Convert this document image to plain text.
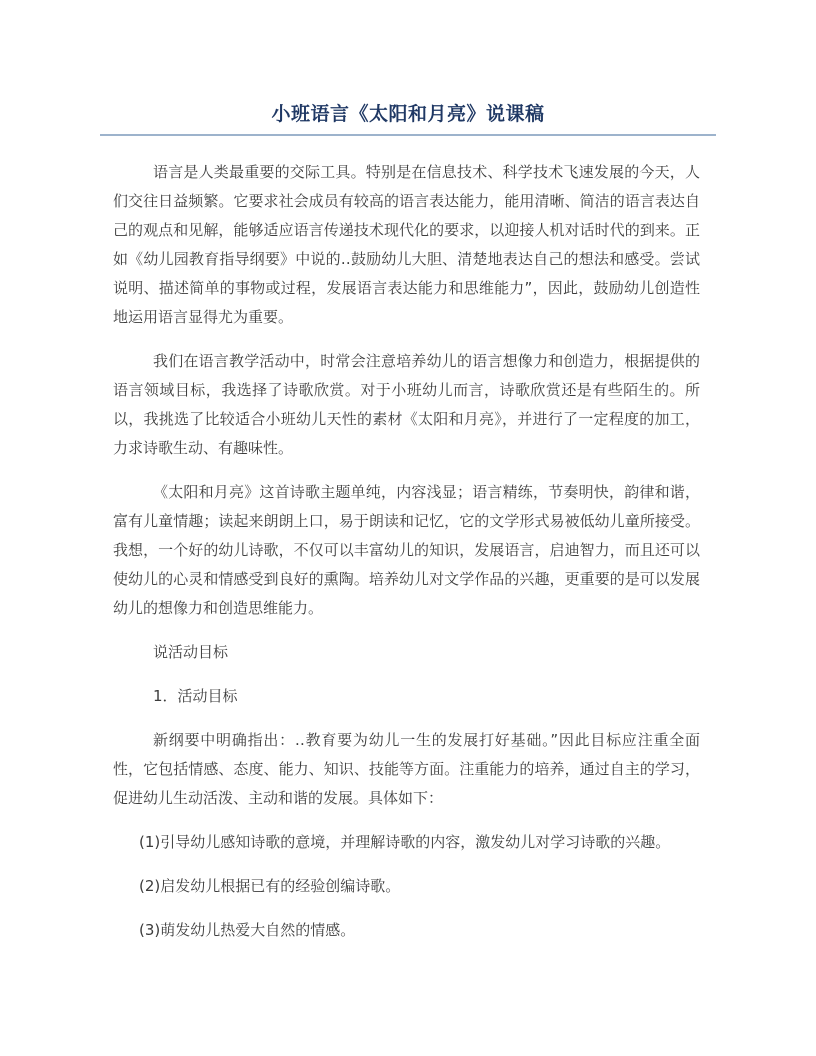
小班语言《太阳和月亮》说课稿

语言是人类最重要的交际工具。特别是在信息技术、科学技术飞速发展的今天，人们交往日益频繁。它要求社会成员有较高的语言表达能力，能用清晰、简洁的语言表达自己的观点和见解，能够适应语言传递技术现代化的要求，以迎接人机对话时代的到来。正如《幼儿园教育指导纲要》中说的‥鼓励幼儿大胆、清楚地表达自己的想法和感受。尝试说明、描述简单的事物或过程，发展语言表达能力和思维能力”，因此，鼓励幼儿创造性地运用语言显得尤为重要。

我们在语言教学活动中，时常会注意培养幼儿的语言想像力和创造力，根据提供的语言领域目标，我选择了诗歌欣赏。对于小班幼儿而言，诗歌欣赏还是有些陌生的。所以，我挑选了比较适合小班幼儿天性的素材《太阳和月亮》，并进行了一定程度的加工，力求诗歌生动、有趣味性。

《太阳和月亮》这首诗歌主题单纯，内容浅显；语言精练，节奏明快，韵律和谐，富有儿童情趣；读起来朗朗上口，易于朗读和记忆，它的文学形式易被低幼儿童所接受。我想，一个好的幼儿诗歌，不仅可以丰富幼儿的知识，发展语言，启迪智力，而且还可以使幼儿的心灵和情感受到良好的熏陶。培养幼儿对文学作品的兴趣，更重要的是可以发展幼儿的想像力和创造思维能力。

说活动目标

1．活动目标

新纲要中明确指出：‥教育要为幼儿一生的发展打好基础。”因此目标应注重全面性，它包括情感、态度、能力、知识、技能等方面。注重能力的培养，通过自主的学习，促进幼儿生动活泼、主动和谐的发展。具体如下：

(1)引导幼儿感知诗歌的意境，并理解诗歌的内容，激发幼儿对学习诗歌的兴趣。

(2)启发幼儿根据已有的经验创编诗歌。

(3)萌发幼儿热爱大自然的情感。
